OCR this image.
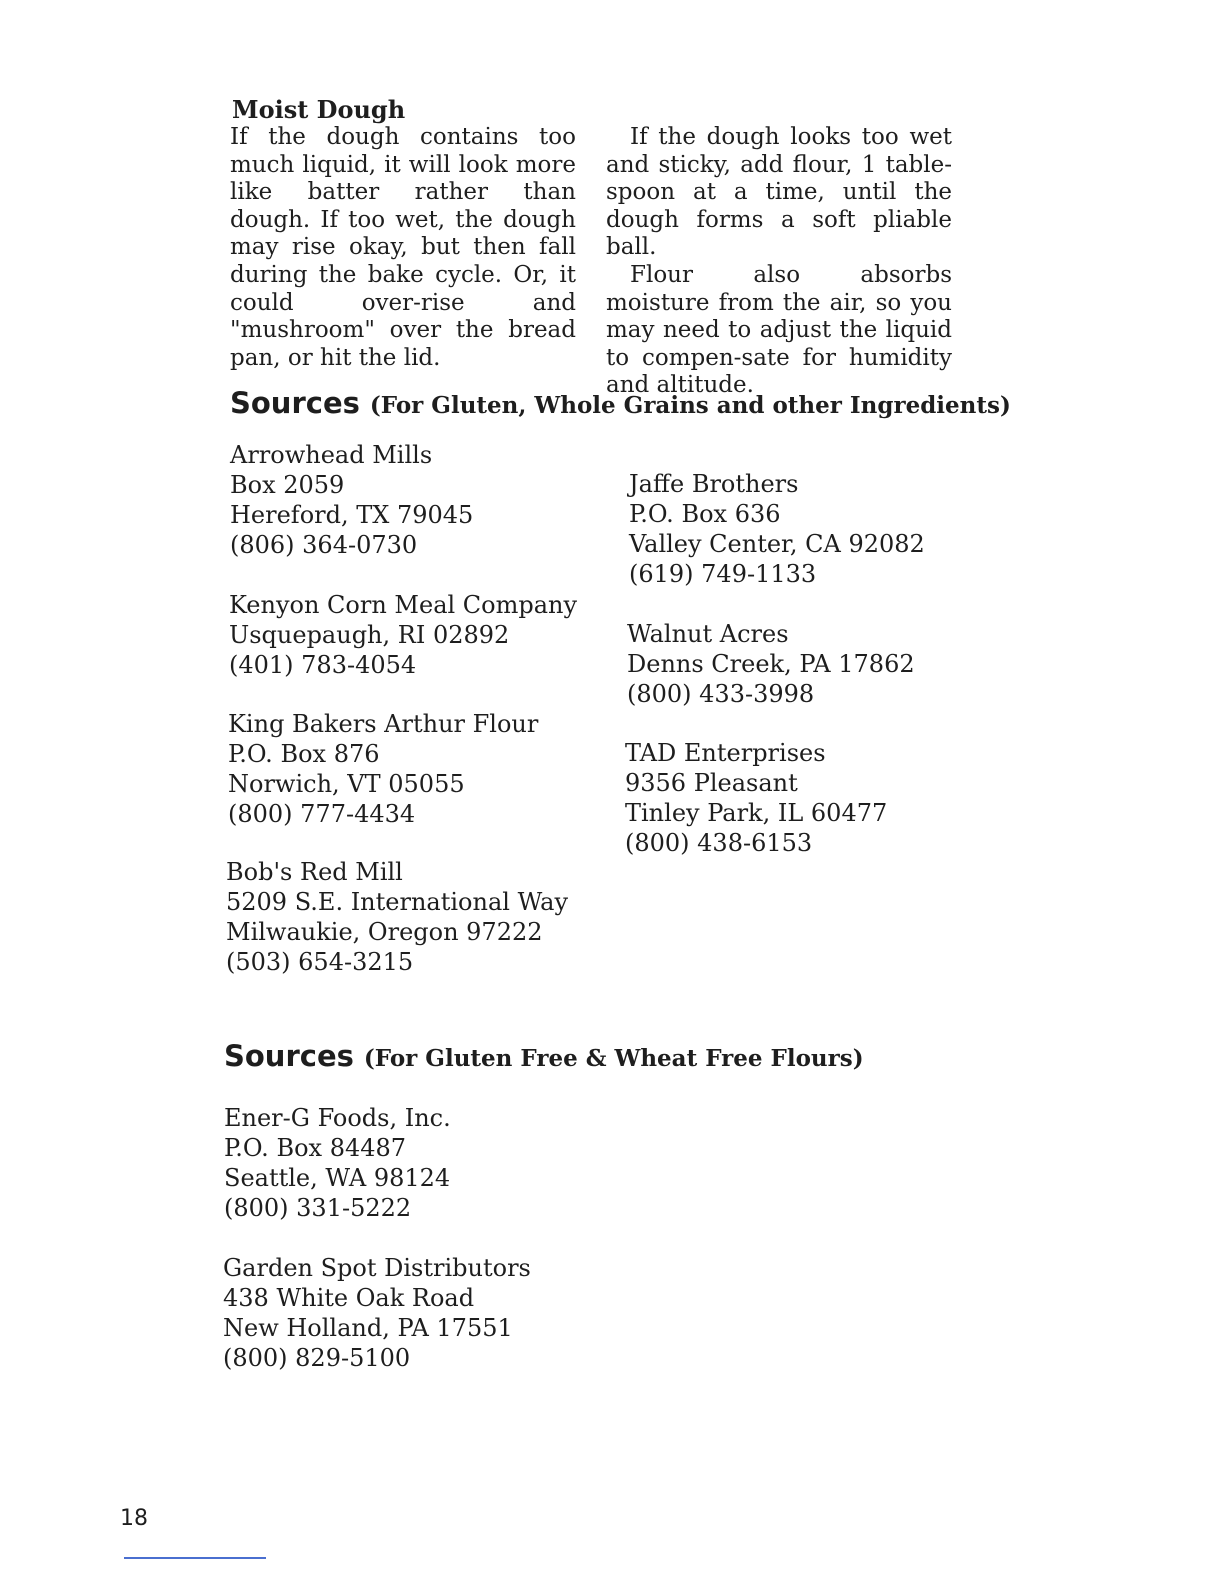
Moist Dough

If the dough contains too much liquid, it will look more like batter rather than dough. If too wet, the dough may rise okay, but then fall during the bake cycle. Or, it could over-rise and "mushroom" over the bread pan, or hit the lid.

If the dough looks too wet and sticky, add flour, 1 table-spoon at a time, until the dough forms a soft pliable ball.

Flour also absorbs moisture from the air, so you may need to adjust the liquid to compen-sate for humidity and altitude.

Sources (For Gluten, Whole Grains and other Ingredients)
Arrowhead Mills
Box 2059
Hereford, TX 79045
(806) 364-0730
Kenyon Corn Meal Company
Usquepaugh, RI 02892
(401) 783-4054
King Bakers Arthur Flour
P.O. Box 876
Norwich, VT 05055
(800) 777-4434
Bob's Red Mill
5209 S.E. International Way
Milwaukie, Oregon 97222
(503) 654-3215
Jaffe Brothers
P.O. Box 636
Valley Center, CA 92082
(619) 749-1133
Walnut Acres
Denns Creek, PA 17862
(800) 433-3998
TAD Enterprises
9356 Pleasant
Tinley Park, IL 60477
(800) 438-6153
Sources (For Gluten Free & Wheat Free Flours)
Ener-G Foods, Inc.
P.O. Box 84487
Seattle, WA 98124
(800) 331-5222
Garden Spot Distributors
438 White Oak Road
New Holland, PA 17551
(800) 829-5100
18
